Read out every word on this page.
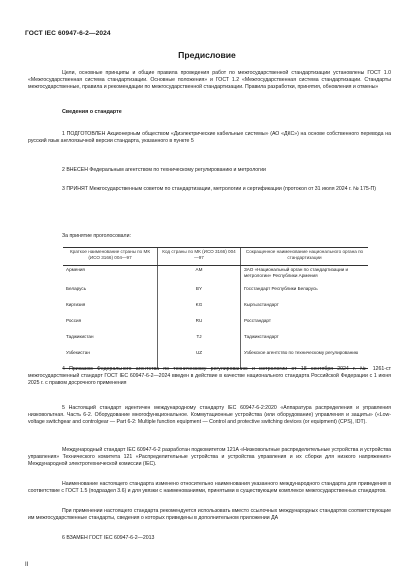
ГОСТ IEC 60947-6-2—2024
Предисловие
Цели, основные принципы и общие правила проведения работ по межгосударственной стандартизации установлены ГОСТ 1.0 «Межгосударственная система стандартизации. Основные положения» и ГОСТ 1.2 «Межгосударственная система стандартизации. Стандарты межгосударственные, правила и рекомендации по межгосударственной стандартизации. Правила разработки, принятия, обновления и отмены»
Сведения о стандарте
1 ПОДГОТОВЛЕН Акционерным обществом «Диэлектрические кабельные системы» (АО «ДКС») на основе собственного перевода на русский язык англоязычной версии стандарта, указанного в пункте 5
2 ВНЕСЕН Федеральным агентством по техническому регулированию и метрологии
3 ПРИНЯТ Межгосударственным советом по стандартизации, метрологии и сертификации (протокол от 31 июля 2024 г. № 175-П)
За принятие проголосовали:
Краткое наименование страны по МК (ИСО 3166) 004—97	Код страны по МК (ИСО 3166) 004—97	Сокращенное наименование национального органа по стандартизации
Армения	AM	ЗАО «Национальный орган по стандартизации и метрологии» Республики Армения
Беларусь	BY	Госстандарт Республики Беларусь
Киргизия	KG	Кыргызстандарт
Россия	RU	Росстандарт
Таджикистан	TJ	Таджикстандарт
Узбекистан	UZ	Узбекское агентство по техническому регулированию
4 Приказом Федерального агентства по техническому регулированию и метрологии от 18 сентября 2024 г. № 1261-ст межгосударственный стандарт ГОСТ IEC 60947-6-2—2024 введен в действие в качестве национального стандарта Российской Федерации с 1 июня 2025 г. с правом досрочного применения
5 Настоящий стандарт идентичен международному стандарту IEC 60947-6-2:2020 «Аппаратура распределения и управления низковольтная. Часть 6-2. Оборудование многофункциональное. Коммутационные устройства (или оборудование) управления и защиты» («Low-voltage switchgear and controlgear — Part 6-2: Multiple function equipment — Control and protective switching devices (or equipment) (CPS), IDT).
Международный стандарт IEC 60947-6-2 разработан подкомитетом 121A «Низковольтные распределительные устройства и устройства управления» Технического комитета 121 «Распределительные устройства и устройства управления и их сборки для низкого напряжения» Международной электротехнической комиссии (IEC).
Наименование настоящего стандарта изменено относительно наименования указанного международного стандарта для приведения в соответствие с ГОСТ 1.5 (подраздел 3.6) и для увязки с наименованиями, принятыми в существующем комплексе межгосударственных стандартов.
При применении настоящего стандарта рекомендуется использовать вместо ссылочных международных стандартов соответствующие им межгосударственные стандарты, сведения о которых приведены в дополнительном приложении ДА
6 ВЗАМЕН ГОСТ IEC 60947-6-2—2013
II
